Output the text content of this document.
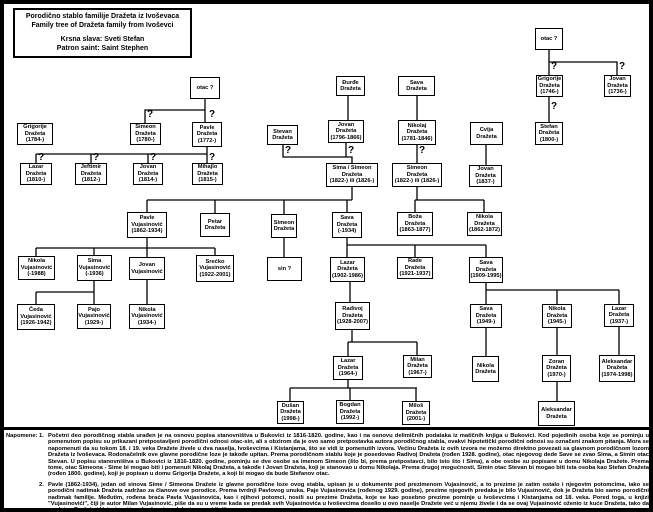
otac ?
Đurđe
Dražeta
Sava
Dražeta
otac ?
Grigorije
Dražeta
(1784-)
Simeon
Dražeta
(1780-)
Pavle
Dražeta
(1772-)
Stevan
Dražeta
Jovan
Dražeta
(1796-1866)
Nikolaj
Dražeta
(1781-1846)
Cvija
Dražeta
Grigorije
Dražeta
(1746-)
Jovan
Dražeta
(1736-)
Lazar
Dražeta
(1810-)
Jeftimir
Dražeta
(1812-)
Jovan
Dražeta
(1814-)
Mihajlo
Dražeta
(1815-)
Sima / Simeon
Dražeta
(1822-) ili (1826-)
Simeon
Dražeta
(1822-) ili (1826-)
Jovan
Dražeta
(1837-)
Stefan
Dražeta
(1800-)
Pavle
Vujasinović
(1862-1934)
Petar
Dražeta
Simeon
Dražeta
Sava
Dražeta
(-1934)
Boža
Dražeta
(1863-1877)
Nikola
Dražeta
(1862-1872)
Nikola
Vujasinović
(-1988)
Sima
Vujasinović
(-1936)
Jovan
Vujasinović
Srećko
Vujasinović
(1922-2001)
sin ?
Lazar
Dražeta
(1902-1986)
Rade
Dražeta
(1921-1937)
Sava
Dražeta
(1909-1995)
Čeda
Vujasinović
(1926-1942)
Pajo
Vujasinović
(1929-)
Nikola
Vujasinović
(1934-)
Radivoj
Dražeta
(1928-2007)
Sava
Dražeta
(1949-)
Nikola
Dražeta
(1945-)
Lazar
Dražeta
(1937-)
Lazar
Dražeta
(1964-)
Milan
Dražeta
(1967-)
Nikola
Dražeta
Zoran
Dražeta
(1970-)
Aleksandar
Dražeta
(1974-1998)
Dušan
Dražeta
(1998-)
Bogdan
Dražeta
(1992-)
Miloš
Dražeta
(2001-)
Aleksandar
Dražeta
?	?
?	?	?	?
?	?	?
?	?
?
Porodično stablo familije Dražeta iz Ivoševaca
Family tree of Dražeta family from Ivoševci
Krsna slava: Sveti Stefan
Patron saint: Saint Stephen
Napomene: 1. Početni deo porodičnog stabla urađen je na osnovu popisa stanovništva u Bukovici iz 1816-1820. godine, kao i na osnovu delimičnih podataka iz matičnih knjiga u Bukovici. Kod pojedinih osoba koje se pominju u pomenutom popisu su prikazani pretpostavljeni porodični odnosi otac-sin, ali s obzirom da je ovo samo pretpostavka autora porodičnog stabla, ovakvi hipotetički porodični odnosi su označeni znakom pitanja. Mora se napomenuti da su tokom 18. i 19. veka Dražete živele u dva naselja, Ivoševcima i Kistanjama, što se vidi iz pomenutih izvora. Većinu Dražeta iz ovih izvora ne možemo direktno povezati sa glavnom porodičnom lozom Dražeta iz Ivoševaca. Rodonačelnik ove glavne porodične loze je takođe upitan. Prema porodičnom stablu koje je posedovao Radivoj Dražeta (rođen 1928. godine), otac njegovog dede Save se zvao Sima, a Simin otac Stevan. U popisu stanovništva u Bukovici iz 1816-1820. godine, pominju se dve osobe sa imenom Simeon (što bi, prema pretpostavci, bilo isto što i Sima), a obe osobe su popisane u domu Nikolaja Dražete. Prema tome, otac Simeona - Sime bi mogao biti i pomenuti Nikolaj Dražeta, a takođe i Jovan Dražeta, koji je stanovao u domu Nikolaja. Prema drugoj mogućnosti, Simin otac Stevan bi mogao biti ista osoba kao Stefan Dražeta (rođen 1800. godine), koji je popisan u domu Grigorija Dražete, a koji bi mogao da bude Stefanov otac.
2. Pavle (1862-1934), jedan od sinova Sime / Simeona Dražete iz glavne porodične loze ovog stabla, upisan je u dokumente pod prezimenom Vujasinović, a to prezime je zatim ostalo i njegovim potomcima, iako se porodični nadimak Dražeta zadržao za članove ove porodice. Prema tvrdnji Pavlovog unuka, Paje Vujasinovića (rođenog 1929. godine), prezime njegovih predaka je bilo Vujasinović, dok je Dražeta bio samo porodični nadimak familije. Međutim, rođena braća Pavla Vujasinovića, kao i njihovi potomci, nosili su prezime Dražeta, koje se kao posebno prezime pominje u Ivoševcima i Kistanjama od 18. veka. Pored toga, u knjizi "Vujasinovići", čiji je autor Milan Vujasinović, piše da su u vreme kada se predak svih Vujasinovića u Ivoševcima doselio u ovo naselje Dražete već u njemu živele i da se ovaj Vujasinović oženio iz kuće Dražeta, tako da srodstvo Dražeta i Vujasinovića u Ivoševcima dolazi po ovoj liniji.
